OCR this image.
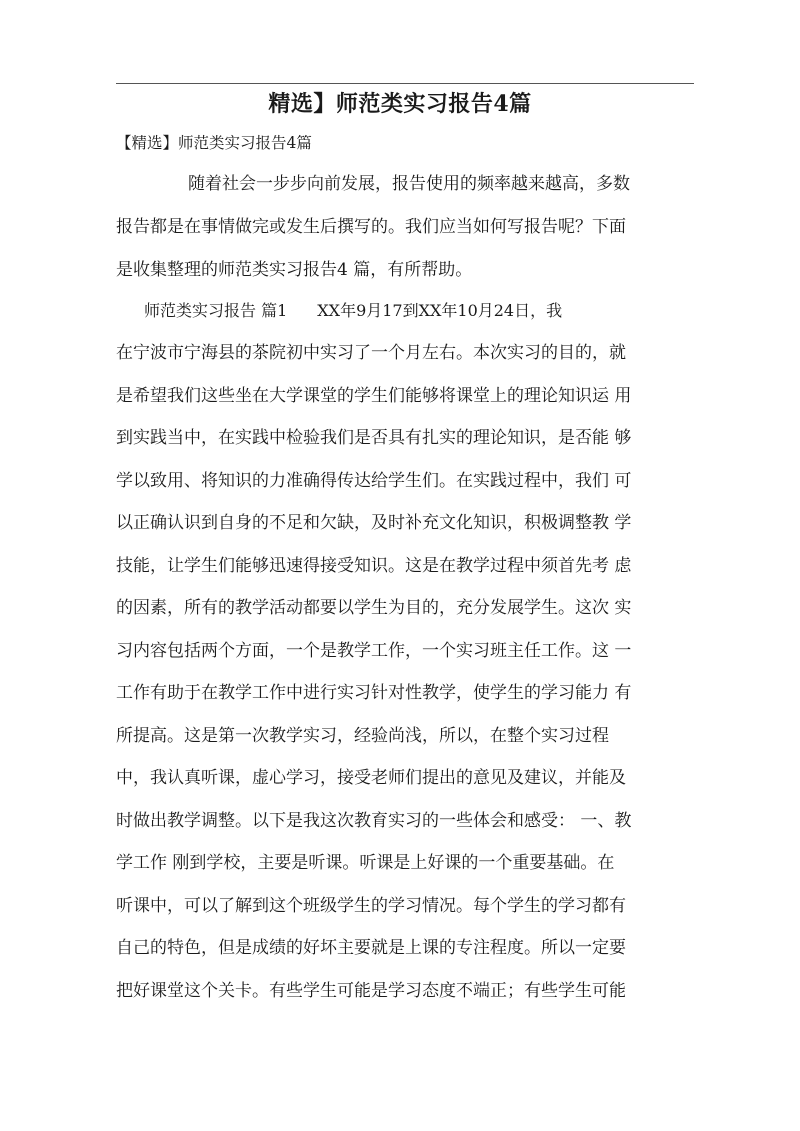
精选】师范类实习报告4篇
【精选】师范类实习报告4篇
随着社会一步步向前发展，报告使用的频率越来越高，多数
报告都是在事情做完或发生后撰写的。我们应当如何写报告呢？下面
是收集整理的师范类实习报告4 篇，有所帮助。
师范类实习报告 篇1 XX年9月17到XX年10月24日，我
在宁波市宁海县的茶院初中实习了一个月左右。本次实习的目的，就
是希望我们这些坐在大学课堂的学生们能够将课堂上的理论知识运 用
到实践当中，在实践中检验我们是否具有扎实的理论知识，是否能 够
学以致用、将知识的力准确得传达给学生们。在实践过程中，我们 可
以正确认识到自身的不足和欠缺，及时补充文化知识，积极调整教 学
技能，让学生们能够迅速得接受知识。这是在教学过程中须首先考 虑
的因素，所有的教学活动都要以学生为目的，充分发展学生。这次 实
习内容包括两个方面，一个是教学工作，一个实习班主任工作。这 一
工作有助于在教学工作中进行实习针对性教学，使学生的学习能力 有
所提高。这是第一次教学实习，经验尚浅，所以，在整个实习过程
中，我认真听课，虚心学习，接受老师们提出的意见及建议，并能及
时做出教学调整。以下是我这次教育实习的一些体会和感受： 一、教
学工作 刚到学校，主要是听课。听课是上好课的一个重要基础。在
听课中，可以了解到这个班级学生的学习情况。每个学生的学习都有
自己的特色，但是成绩的好坏主要就是上课的专注程度。所以一定要
把好课堂这个关卡。有些学生可能是学习态度不端正；有些学生可能
